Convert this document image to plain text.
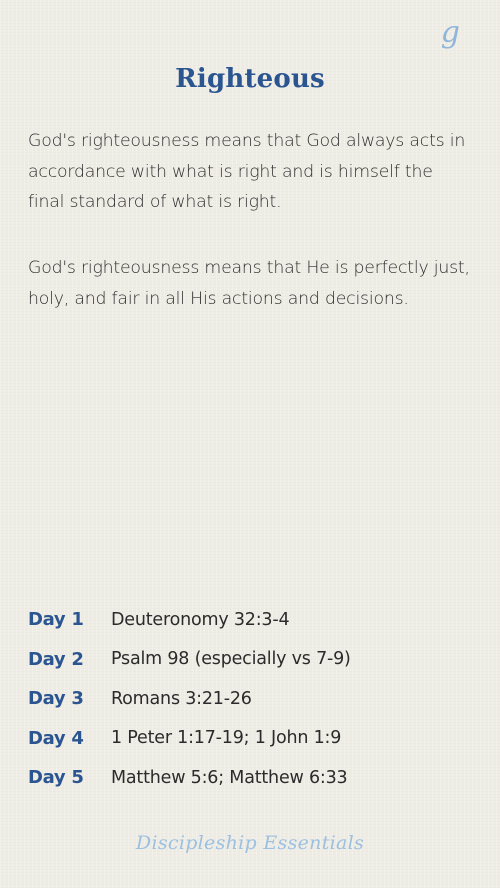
g
Righteous

God's righteousness means that God always acts in accordance with what is right and is himself the final standard of what is right.

God's righteousness means that He is perfectly just, holy, and fair in all His actions and decisions.

Day 1	Deuteronomy 32:3-4
Day 2	Psalm 98 (especially vs 7-9)
Day 3	Romans 3:21-26
Day 4	1 Peter 1:17-19; 1 John 1:9
Day 5	Matthew 5:6; Matthew 6:33
Discipleship Essentials
